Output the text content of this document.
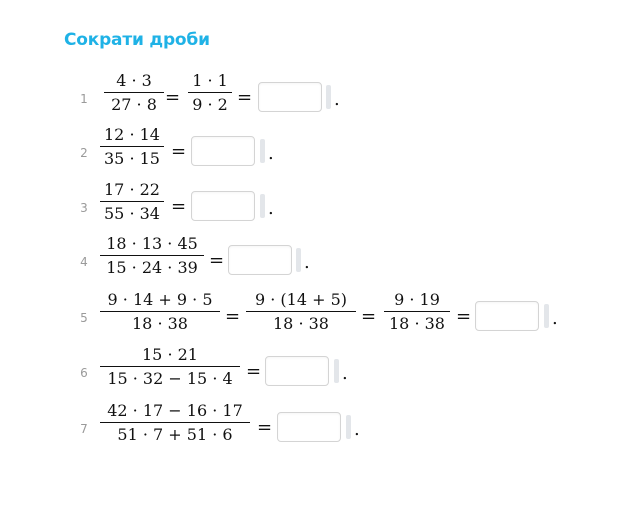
Сократи дроби
$1 \frac{4 \cdot 3}{27 \cdot 8} = \frac{1 \cdot 1}{9 \cdot 2}$ =	.
$2 \frac{12 \cdot 14}{35 \cdot 15}$ =	.
$3 \frac{17 \cdot 22}{55 \cdot 34}$ =	.
$4 \frac{18 \cdot 13 \cdot 45}{15 \cdot 24 \cdot 39}$ =	.
$5 \frac{9 \cdot 14 + 9 \cdot 5}{18 \cdot 38} = \frac{9 \cdot (14 + 5)}{18 \cdot 38} = \frac{9 \cdot 19}{18 \cdot 38}$ =	.
$6 \frac{15 \cdot 21}{15 \cdot 32 - 15 \cdot 4}$ =	.
$7 \frac{42 \cdot 17 - 16 \cdot 17}{51 \cdot 7 + 51 \cdot 6}$ =	.
